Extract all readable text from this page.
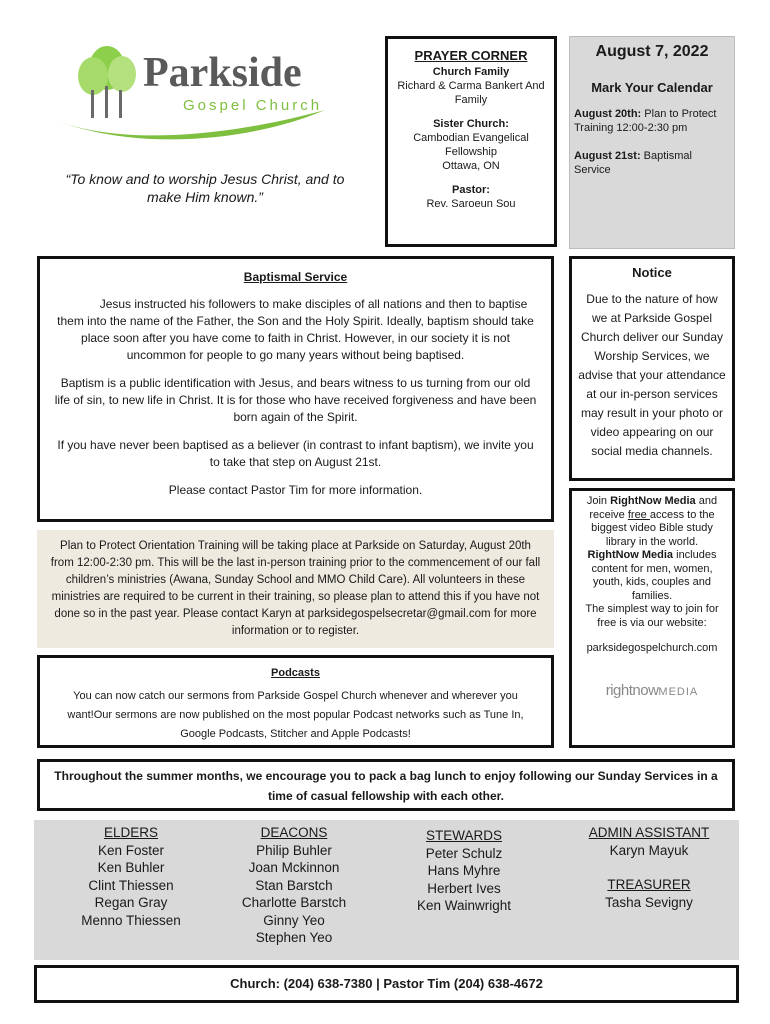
Parkside
Gospel Church
“To know and to worship Jesus Christ, and to make Him known.”
PRAYER CORNER
Church Family
Richard & Carma Bankert And Family
Sister Church:
Cambodian Evangelical Fellowship
Ottawa, ON
Pastor:
Rev. Saroeun Sou
August 7, 2022
Mark Your Calendar

August 20th: Plan to Protect Training 12:00-2:30 pm

August 21st: Baptismal Service

Baptismal Service

Jesus instructed his followers to make disciples of all nations and then to baptise them into the name of the Father, the Son and the Holy Spirit. Ideally, baptism should take place soon after you have come to faith in Christ. However, in our society it is not uncommon for people to go many years without being baptised.

Baptism is a public identification with Jesus, and bears witness to us turning from our old life of sin, to new life in Christ. It is for those who have received forgiveness and have been born again of the Spirit.

If you have never been baptised as a believer (in contrast to infant baptism), we invite you to take that step on August 21st.

Please contact Pastor Tim for more information.

Notice
Due to the nature of how we at Parkside Gospel Church deliver our Sunday Worship Services, we advise that your attendance at our in-person services may result in your photo or video appearing on our social media channels.
Plan to Protect Orientation Training will be taking place at Parkside on Saturday, August 20th from 12:00-2:30 pm. This will be the last in-person training prior to the commencement of our fall children’s ministries (Awana, Sunday School and MMO Child Care). All volunteers in these ministries are required to be current in their training, so please plan to attend this if you have not done so in the past year. Please contact Karyn at parksidegospelsecretar@gmail.com for more information or to register.
Join RightNow Media and receive free access to the biggest video Bible study library in the world.
RightNow Media includes content for men, women, youth, kids, couples and families.
The simplest way to join for free is via our website:
parksidegospelchurch.com
rightnowMEDIA
Podcasts
You can now catch our sermons from Parkside Gospel Church whenever and wherever you want!Our sermons are now published on the most popular Podcast networks such as Tune In, Google Podcasts, Stitcher and Apple Podcasts!
Throughout the summer months, we encourage you to pack a bag lunch to enjoy following our Sunday Services in a time of casual fellowship with each other.
ELDERS
Ken Foster
Ken Buhler
Clint Thiessen
Regan Gray
Menno Thiessen
DEACONS
Philip Buhler
Joan Mckinnon
Stan Barstch
Charlotte Barstch
Ginny Yeo
Stephen Yeo
STEWARDS
Peter Schulz
Hans Myhre
Herbert Ives
Ken Wainwright
ADMIN ASSISTANT
Karyn Mayuk
TREASURER
Tasha Sevigny
Church: (204) 638-7380 | Pastor Tim (204) 638-4672
